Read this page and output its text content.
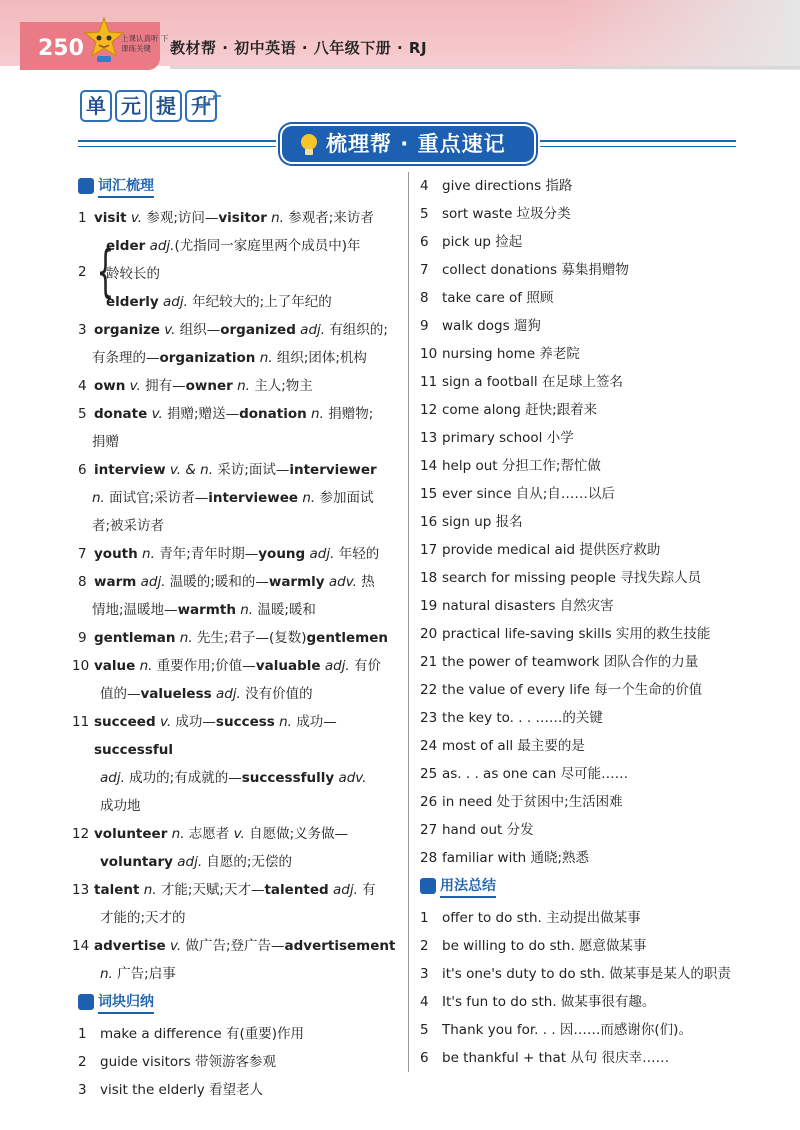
250	上课认真听 下课练关键	教材帮 · 初中英语 · 八年级下册 · RJ
单 元 提 升
梳理帮 · 重点速记
词汇梳理
1 visit v. 参观;访问—visitor n. 参观者;来访者
2 {
elder adj.(尤指同一家庭里两个成员中)年
龄较长的
elderly adj. 年纪较大的;上了年纪的
3 organize v. 组织—organized adj. 有组织的;
有条理的—organization n. 组织;团体;机构
4 own v. 拥有—owner n. 主人;物主
5 donate v. 捐赠;赠送—donation n. 捐赠物;
捐赠
6 interview v. & n. 采访;面试—interviewer
n. 面试官;采访者—interviewee n. 参加面试
者;被采访者
7 youth n. 青年;青年时期—young adj. 年轻的
8 warm adj. 温暖的;暖和的—warmly adv. 热
情地;温暖地—warmth n. 温暖;暖和
9 gentleman n. 先生;君子—(复数)gentlemen
10 value n. 重要作用;价值—valuable adj. 有价
值的—valueless adj. 没有价值的
11 succeed v. 成功—success n. 成功—successful
adj. 成功的;有成就的—successfully adv.
成功地
12 volunteer n. 志愿者 v. 自愿做;义务做—
voluntary adj. 自愿的;无偿的
13 talent n. 才能;天赋;天才—talented adj. 有
才能的;天才的
14 advertise v. 做广告;登广告—advertisement
n. 广告;启事
词块归纳
1 make a difference 有(重要)作用
2 guide visitors 带领游客参观
3 visit the elderly 看望老人
4 give directions 指路
5 sort waste 垃圾分类
6 pick up 捡起
7 collect donations 募集捐赠物
8 take care of 照顾
9 walk dogs 遛狗
10 nursing home 养老院
11 sign a football 在足球上签名
12 come along 赶快;跟着来
13 primary school 小学
14 help out 分担工作;帮忙做
15 ever since 自从;自……以后
16 sign up 报名
17 provide medical aid 提供医疗救助
18 search for missing people 寻找失踪人员
19 natural disasters 自然灾害
20 practical life-saving skills 实用的救生技能
21 the power of teamwork 团队合作的力量
22 the value of every life 每一个生命的价值
23 the key to. . . ……的关键
24 most of all 最主要的是
25 as. . . as one can 尽可能……
26 in need 处于贫困中;生活困难
27 hand out 分发
28 familiar with 通晓;熟悉
用法总结
1 offer to do sth. 主动提出做某事
2 be willing to do sth. 愿意做某事
3 it's one's duty to do sth. 做某事是某人的职责
4 It's fun to do sth. 做某事很有趣。
5 Thank you for. . . 因……而感谢你(们)。
6 be thankful + that 从句 很庆幸……
